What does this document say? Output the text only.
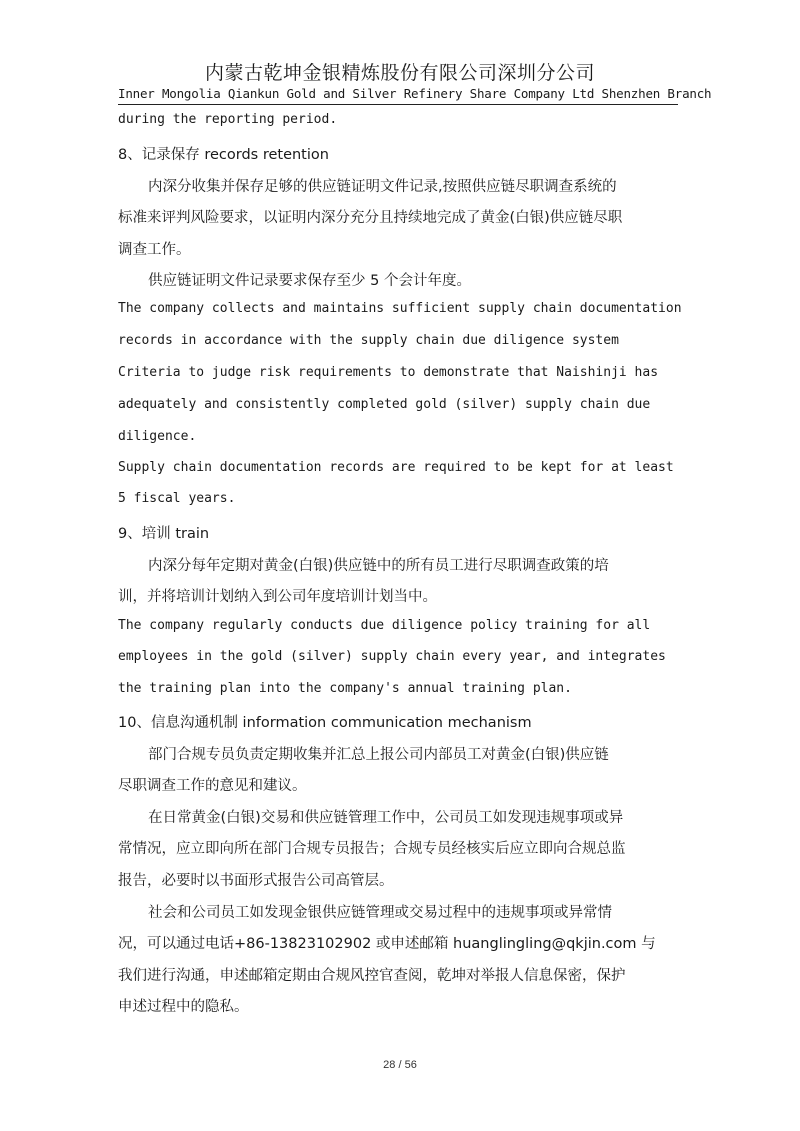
内蒙古乾坤金银精炼股份有限公司深圳分公司
Inner Mongolia Qiankun Gold and Silver Refinery Share Company Ltd Shenzhen Branch
during the reporting period.
8、记录保存 records retention
内深分收集并保存足够的供应链证明文件记录,按照供应链尽职调查系统的
标准来评判风险要求，以证明内深分充分且持续地完成了黄金(白银)供应链尽职
调查工作。
供应链证明文件记录要求保存至少 5 个会计年度。
The company collects and maintains sufficient supply chain documentation
records in accordance with the supply chain due diligence system
Criteria to judge risk requirements to demonstrate that Naishinji has
adequately and consistently completed gold (silver) supply chain due
diligence.
Supply chain documentation records are required to be kept for at least
5 fiscal years.
9、培训 train
内深分每年定期对黄金(白银)供应链中的所有员工进行尽职调查政策的培
训，并将培训计划纳入到公司年度培训计划当中。
The company regularly conducts due diligence policy training for all
employees in the gold (silver) supply chain every year, and integrates
the training plan into the company's annual training plan.
10、信息沟通机制 information communication mechanism
部门合规专员负责定期收集并汇总上报公司内部员工对黄金(白银)供应链
尽职调查工作的意见和建议。
在日常黄金(白银)交易和供应链管理工作中，公司员工如发现违规事项或异
常情况，应立即向所在部门合规专员报告；合规专员经核实后应立即向合规总监
报告，必要时以书面形式报告公司高管层。
社会和公司员工如发现金银供应链管理或交易过程中的违规事项或异常情
况，可以通过电话+86-13823102902 或申述邮箱 huanglingling@qkjin.com 与
我们进行沟通，申述邮箱定期由合规风控官查阅，乾坤对举报人信息保密，保护
申述过程中的隐私。
28 / 56
